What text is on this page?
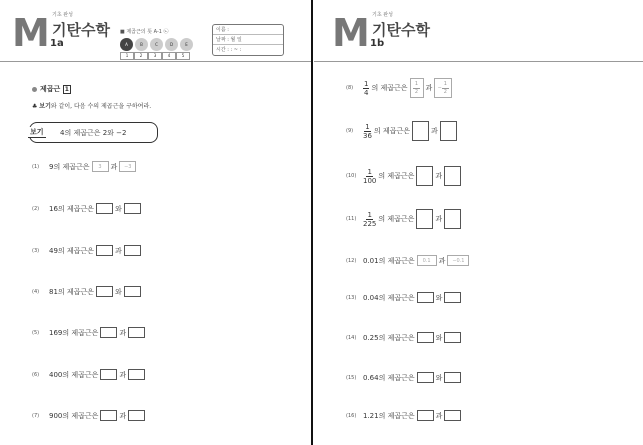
M 기초 완성
기탄수학
1a
■ 제곱근의 뜻 A-1 ㉡
A	B	C	D	E
1	2	3	4	5
이름 :
날짜 : 월 일
시간 : : ~ :
제곱근 1
♣ 보기와 같이, 다음 수의 제곱근을 구하여라.
보기 4의 제곱근은 2와 −2
(1)	9의 제곱근은	3	과	−3
(2)	16의 제곱근은	와
(3)	49의 제곱근은	과
(4)	81의 제곱근은	와
(5)	169의 제곱근은	과
(6)	400의 제곱근은	과
(7)	900의 제곱근은	과
M 기초 완성
기탄수학
1b
(8)	$\frac{1}{4}$ 의 제곱근은 $\frac{1}{2}$ 과 − $\frac{1}{2}$
(9)	$\frac{1}{36}$ 의 제곱근은	과
$(10) \frac{1}{100}$ 의 제곱근은	과
$(11) \frac{1}{225}$ 의 제곱근은	과
(12) 0.01의 제곱근은	0.1	과	−0.1
(13) 0.04의 제곱근은	와
(14) 0.25의 제곱근은	와
(15) 0.64의 제곱근은	와
(16) 1.21의 제곱근은	과
